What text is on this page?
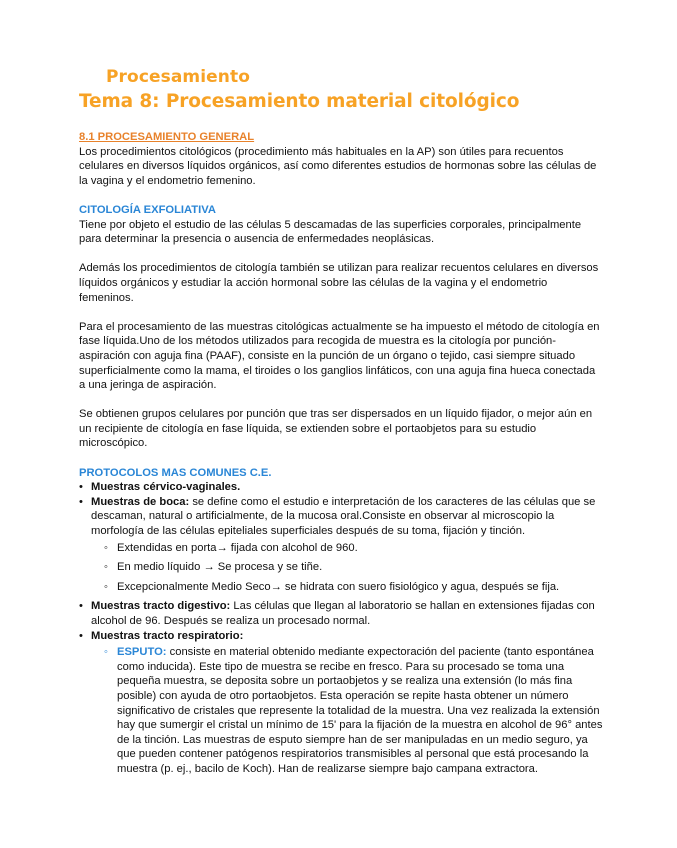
Procesamiento

Tema 8: Procesamiento material citológico

8.1 PROCESAMIENTO GENERAL

Los procedimientos citológicos (procedimiento más habituales en la AP) son útiles para recuentos celulares en diversos líquidos orgánicos, así como diferentes estudios de hormonas sobre las células de la vagina y el endometrio femenino.

CITOLOGÍA EXFOLIATIVA

Tiene por objeto el estudio de las células 5 descamadas de las superficies corporales, principalmente para determinar la presencia o ausencia de enfermedades neoplásicas.

Además los procedimientos de citología también se utilizan para realizar recuentos celulares en diversos líquidos orgánicos y estudiar la acción hormonal sobre las células de la vagina y el endometrio femeninos.

Para el procesamiento de las muestras citológicas actualmente se ha impuesto el método de citología en fase líquida.Uno de los métodos utilizados para recogida de muestra es la citología por punción-aspiración con aguja fina (PAAF), consiste en la punción de un órgano o tejido, casi siempre situado superficialmente como la mama, el tiroides o los ganglios linfáticos, con una aguja fina hueca conectada a una jeringa de aspiración.

Se obtienen grupos celulares por punción que tras ser dispersados en un líquido fijador, o mejor aún en un recipiente de citología en fase líquida, se extienden sobre el portaobjetos para su estudio microscópico.

PROTOCOLOS MAS COMUNES C.E.

• Muestras cérvico-vaginales.
• Muestras de boca: se define como el estudio e interpretación de los caracteres de las células que se descaman, natural o artificialmente, de la mucosa oral.Consiste en observar al microscopio la morfología de las células epiteliales superficiales después de su toma, fijación y tinción.
◦ Extendidas en porta→ fijada con alcohol de 960.
◦ En medio líquido → Se procesa y se tiñe.
◦ Excepcionalmente Medio Seco→ se hidrata con suero fisiológico y agua, después se fija.
• Muestras tracto digestivo: Las células que llegan al laboratorio se hallan en extensiones fijadas con alcohol de 96. Después se realiza un procesado normal.
• Muestras tracto respiratorio:
◦ ESPUTO: consiste en material obtenido mediante expectoración del paciente (tanto espontánea como inducida). Este tipo de muestra se recibe en fresco. Para su procesado se toma una pequeña muestra, se deposita sobre un portaobjetos y se realiza una extensión (lo más fina posible) con ayuda de otro portaobjetos. Esta operación se repite hasta obtener un número significativo de cristales que represente la totalidad de la muestra. Una vez realizada la extensión hay que sumergir el cristal un mínimo de 15' para la fijación de la muestra en alcohol de 96° antes de la tinción. Las muestras de esputo siempre han de ser manipuladas en un medio seguro, ya que pueden contener patógenos respiratorios transmisibles al personal que está procesando la muestra (p. ej., bacilo de Koch). Han de realizarse siempre bajo campana extractora.
